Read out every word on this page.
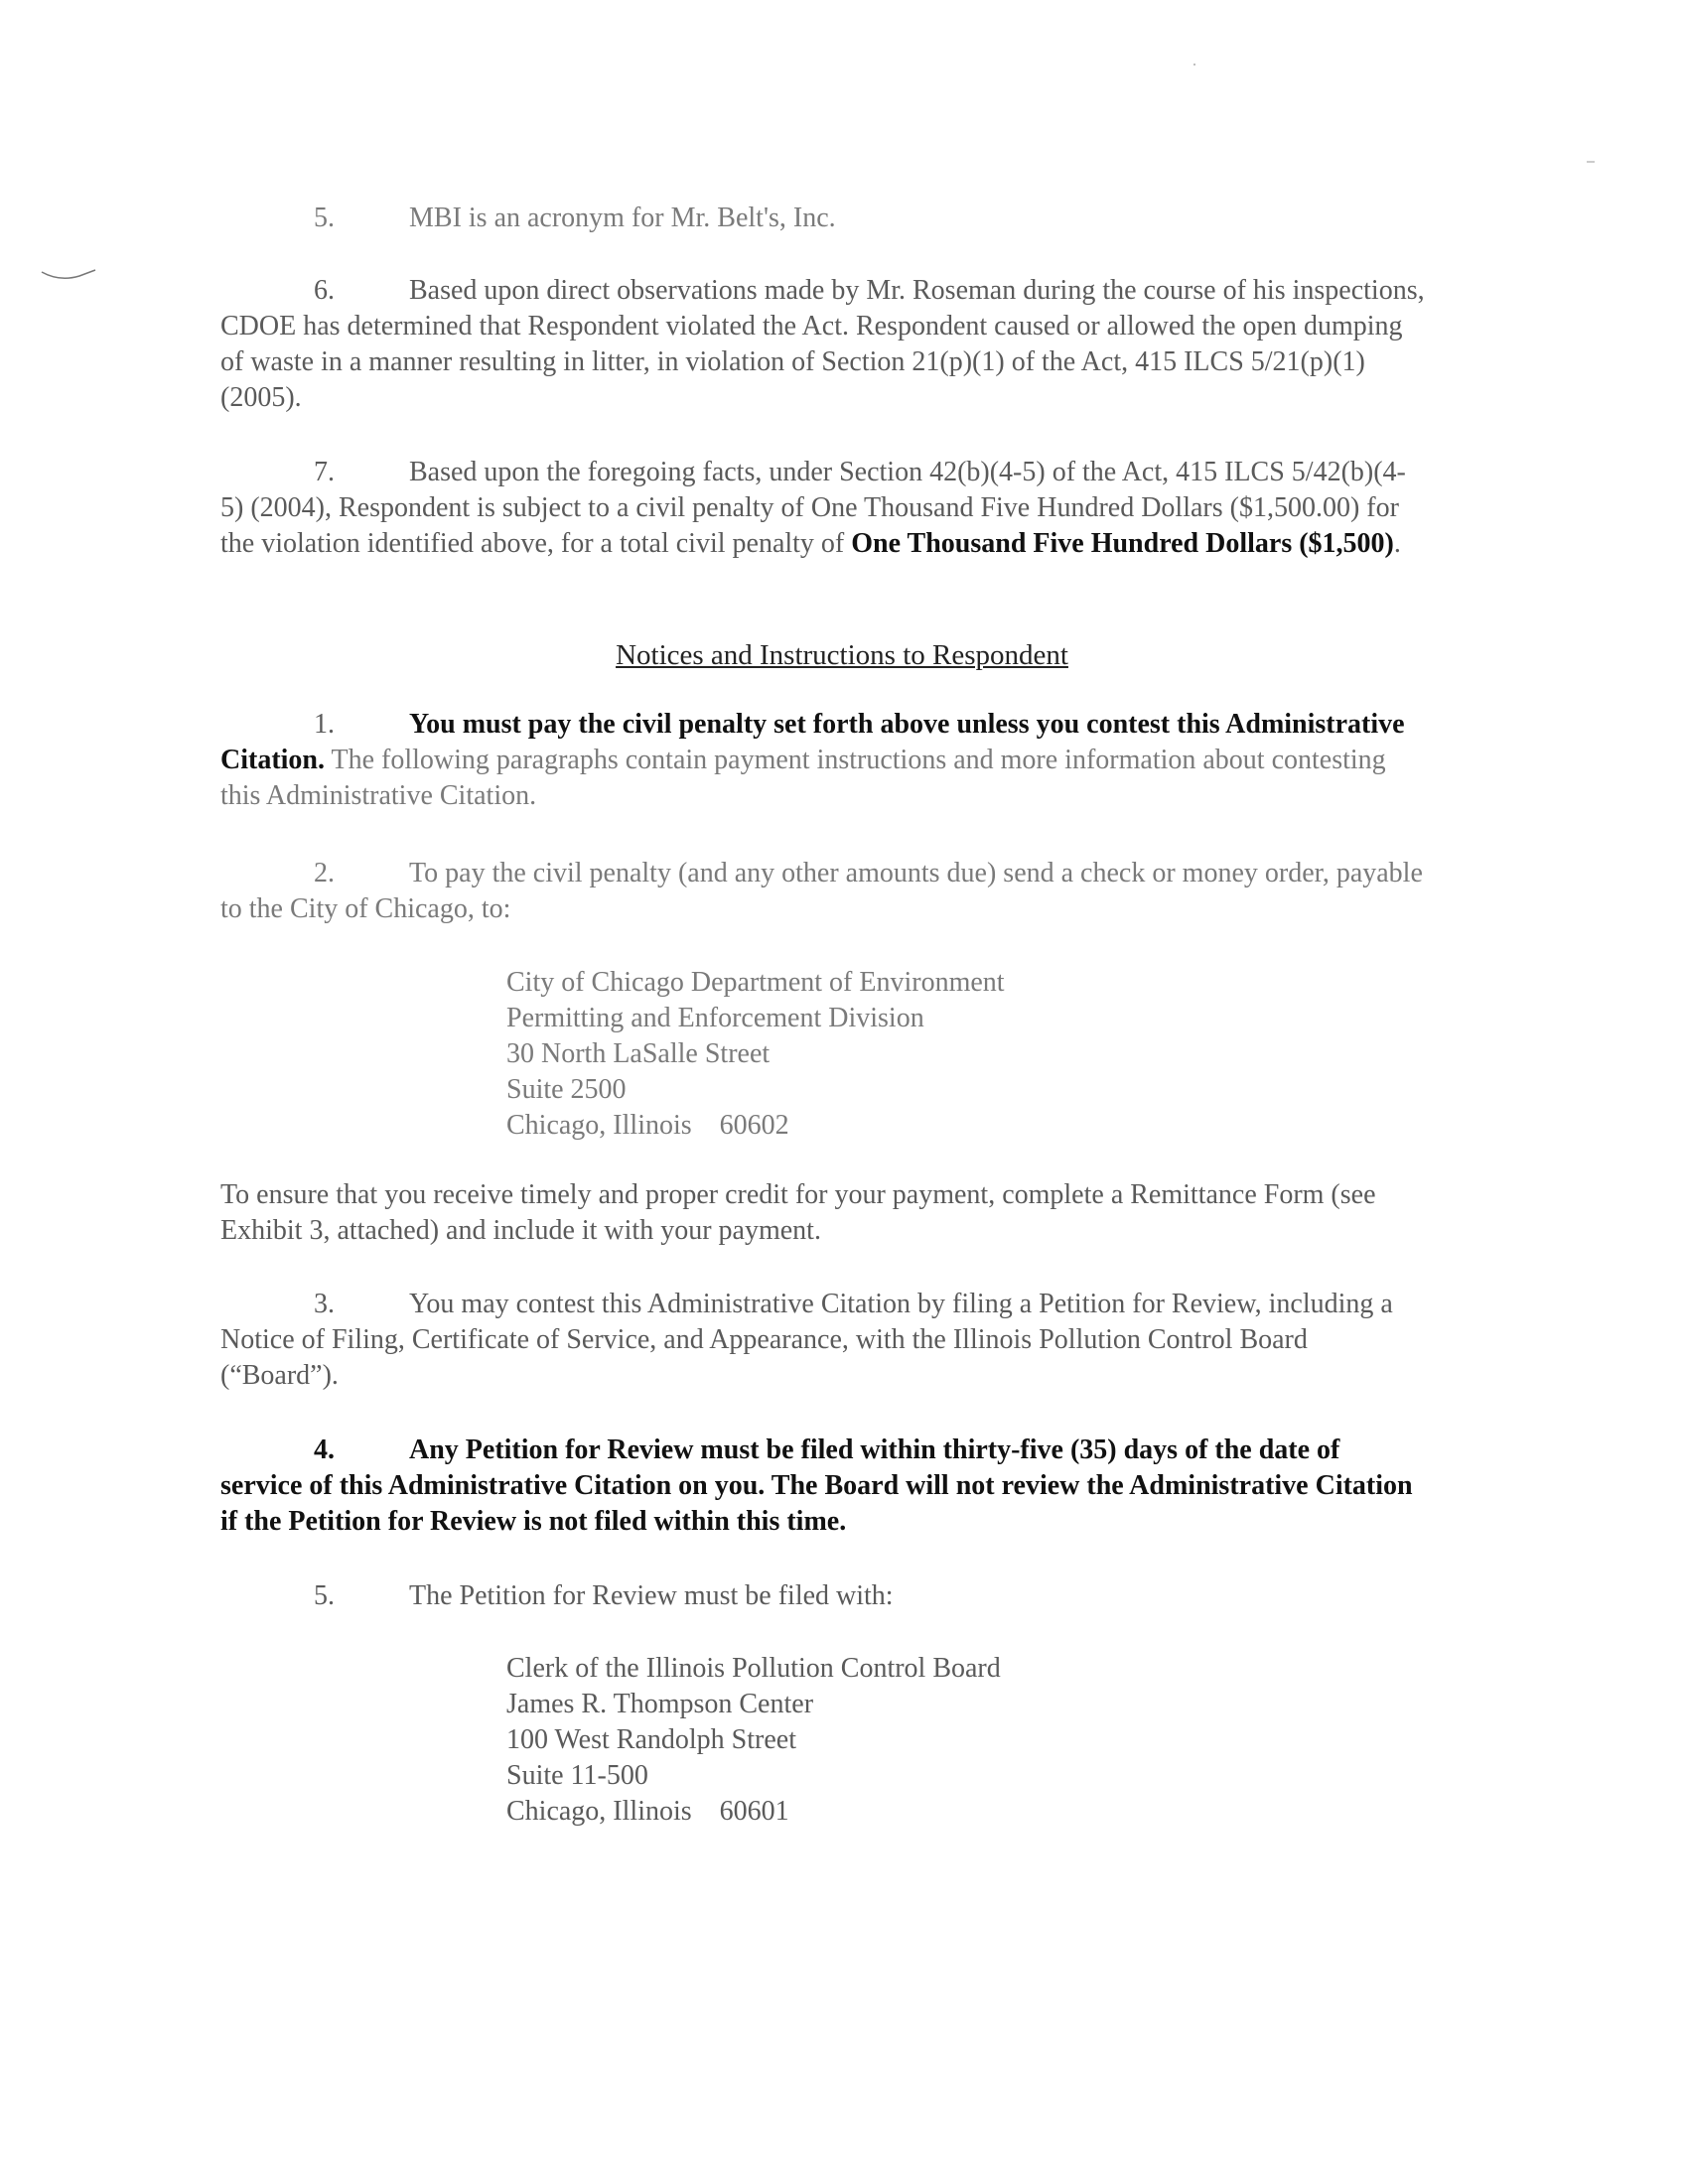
5.	MBI is an acronym for Mr. Belt's, Inc.

6.	Based upon direct observations made by Mr. Roseman during the course of his inspections, CDOE has determined that Respondent violated the Act. Respondent caused or allowed the open dumping of waste in a manner resulting in litter, in violation of Section 21(p)(1) of the Act, 415 ILCS 5/21(p)(1) (2005).

7.	Based upon the foregoing facts, under Section 42(b)(4-5) of the Act, 415 ILCS 5/42(b)(4-5) (2004), Respondent is subject to a civil penalty of One Thousand Five Hundred Dollars ($1,500.00) for the violation identified above, for a total civil penalty of One Thousand Five Hundred Dollars ($1,500).

Notices and Instructions to Respondent

1.	You must pay the civil penalty set forth above unless you contest this Administrative Citation. The following paragraphs contain payment instructions and more information about contesting this Administrative Citation.

2.	To pay the civil penalty (and any other amounts due) send a check or money order, payable to the City of Chicago, to:

City of Chicago Department of Environment
Permitting and Enforcement Division
30 North LaSalle Street
Suite 2500
Chicago, Illinois    60602

To ensure that you receive timely and proper credit for your payment, complete a Remittance Form (see Exhibit 3, attached) and include it with your payment.

3.	You may contest this Administrative Citation by filing a Petition for Review, including a Notice of Filing, Certificate of Service, and Appearance, with the Illinois Pollution Control Board (“Board”).

4.	Any Petition for Review must be filed within thirty-five (35) days of the date of service of this Administrative Citation on you. The Board will not review the Administrative Citation if the Petition for Review is not filed within this time.

5.	The Petition for Review must be filed with:

Clerk of the Illinois Pollution Control Board
James R. Thompson Center
100 West Randolph Street
Suite 11-500
Chicago, Illinois    60601
